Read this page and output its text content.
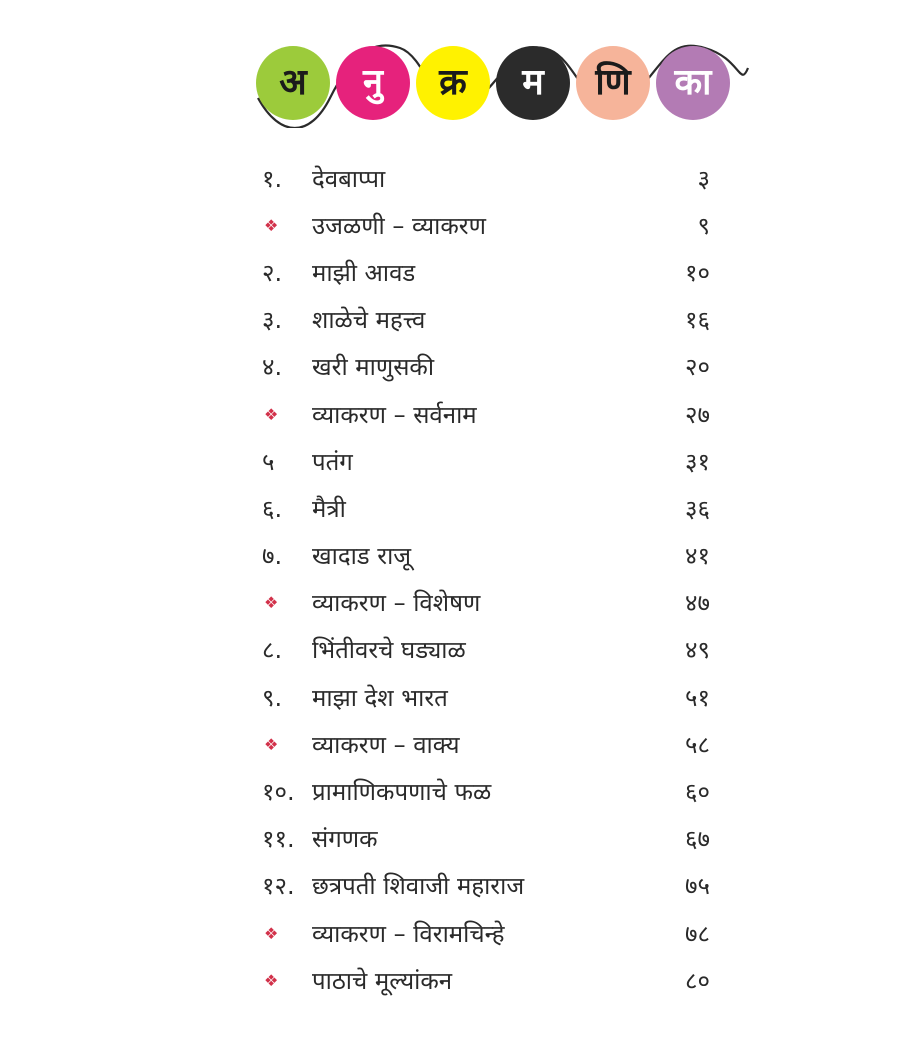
अ	नु	क्र	म	णि	का
१.	देवबाप्पा	३
❖	उजळणी – व्याकरण	९
२.	माझी आवड	१०
३.	शाळेचे महत्त्व	१६
४.	खरी माणुसकी	२०
❖	व्याकरण – सर्वनाम	२७
५	पतंग	३१
६.	मैत्री	३६
७.	खादाड राजू	४१
❖	व्याकरण – विशेषण	४७
८.	भिंतीवरचे घड्याळ	४९
९.	माझा देश भारत	५१
❖	व्याकरण – वाक्य	५८
१०. प्रामाणिकपणाचे फळ	६०
११. संगणक	६७
१२. छत्रपती शिवाजी महाराज	७५
❖	व्याकरण – विरामचिन्हे	७८
❖	पाठाचे मूल्यांकन	८०
